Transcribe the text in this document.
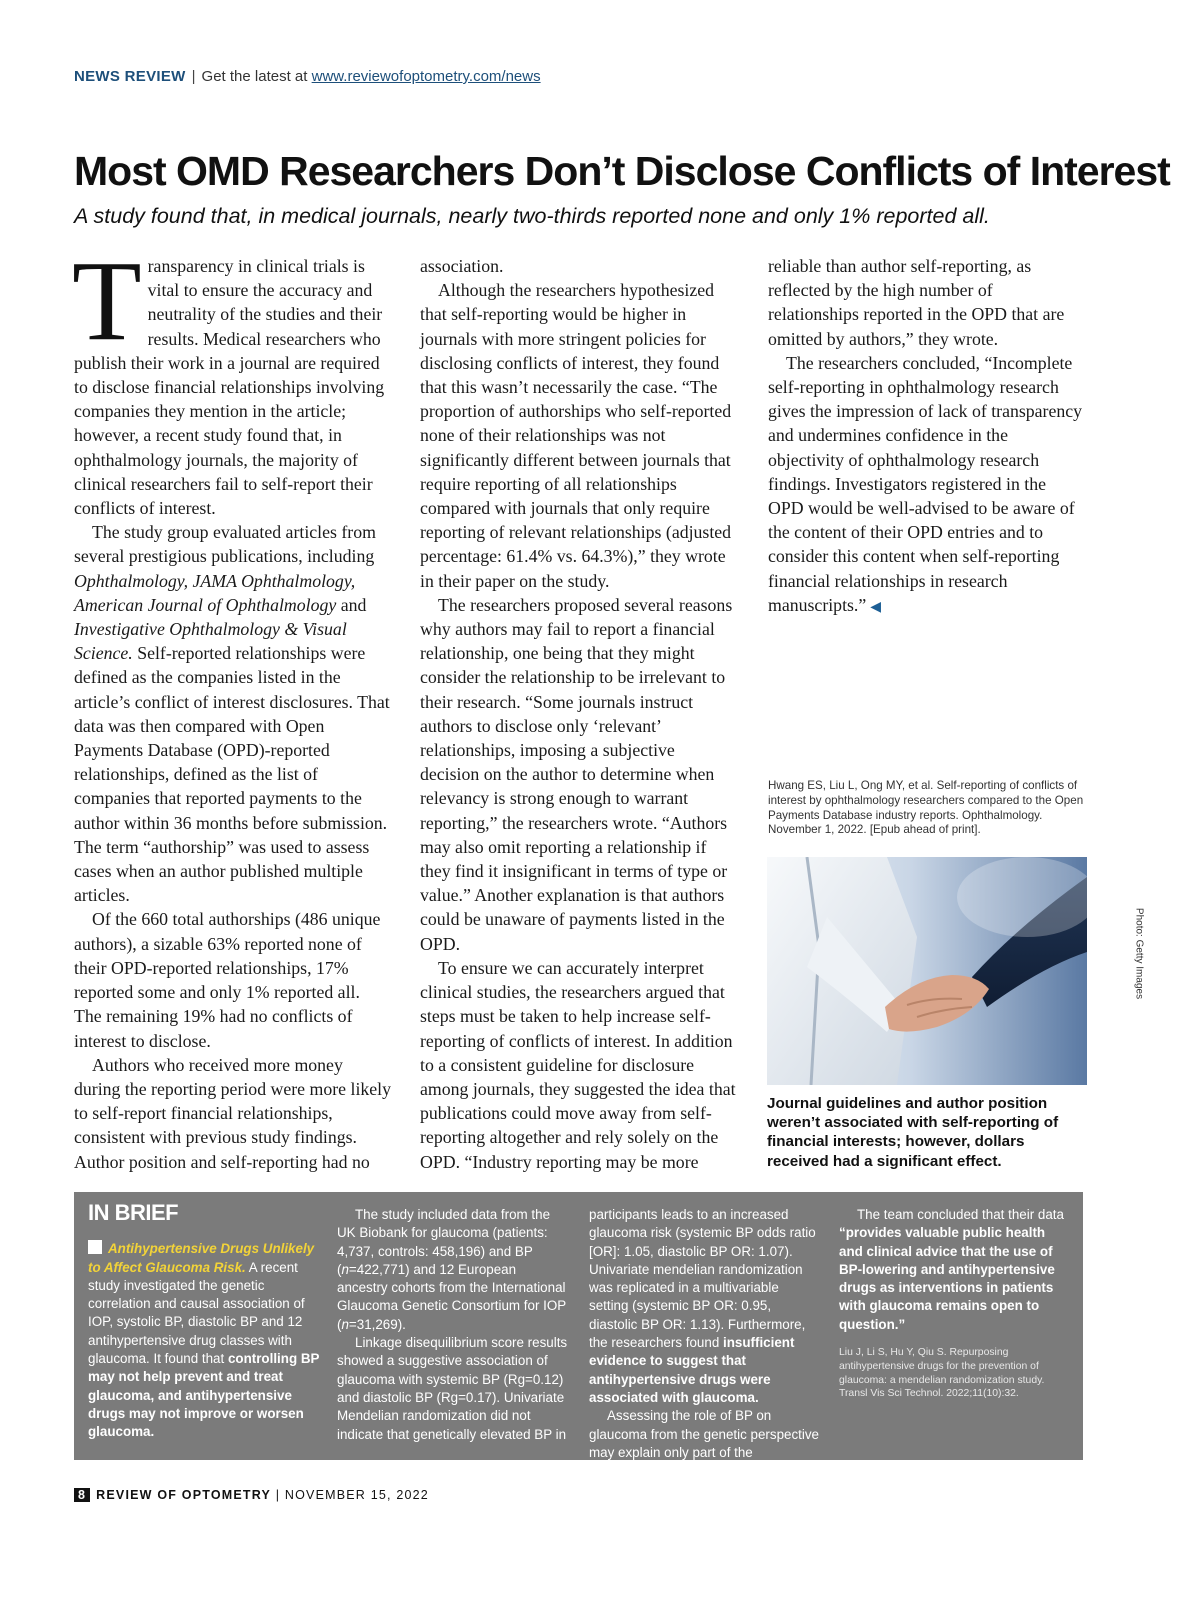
NEWS REVIEW | Get the latest at www.reviewofoptometry.com/news
Most OMD Researchers Don’t Disclose Conflicts of Interest

A study found that, in medical journals, nearly two-thirds reported none and only 1% reported all.

Transparency in clinical trials is vital to ensure the accuracy and neutrality of the studies and their results. Medical researchers who publish their work in a journal are required to disclose financial relationships involving companies they mention in the article; however, a recent study found that, in ophthalmology journals, the majority of clinical researchers fail to self-report their conflicts of interest.

The study group evaluated articles from several prestigious publications, including Ophthalmology, JAMA Ophthalmology, American Journal of Ophthalmology and Investigative Ophthalmology & Visual Science. Self-reported relationships were defined as the companies listed in the article’s conflict of interest disclosures. That data was then compared with Open Payments Database (OPD)-reported relationships, defined as the list of companies that reported payments to the author within 36 months before submission. The term “authorship” was used to assess cases when an author published multiple articles.

Of the 660 total authorships (486 unique authors), a sizable 63% reported none of their OPD-reported relationships, 17% reported some and only 1% reported all. The remaining 19% had no conflicts of interest to disclose.

Authors who received more money during the reporting period were more likely to self-report financial relationships, consistent with previous study findings. Author position and self-reporting had no

association.

Although the researchers hypothesized that self-reporting would be higher in journals with more stringent policies for disclosing conflicts of interest, they found that this wasn’t necessarily the case. “The proportion of authorships who self-reported none of their relationships was not significantly different between journals that require reporting of all relationships compared with journals that only require reporting of relevant relationships (adjusted percentage: 61.4% vs. 64.3%),” they wrote in their paper on the study.

The researchers proposed several reasons why authors may fail to report a financial relationship, one being that they might consider the relationship to be irrelevant to their research. “Some journals instruct authors to disclose only ‘relevant’ relationships, imposing a subjective decision on the author to determine when relevancy is strong enough to warrant reporting,” the researchers wrote. “Authors may also omit reporting a relationship if they find it insignificant in terms of type or value.” Another explanation is that authors could be unaware of payments listed in the OPD.

To ensure we can accurately interpret clinical studies, the researchers argued that steps must be taken to help increase self-reporting of conflicts of interest. In addition to a consistent guideline for disclosure among journals, they suggested the idea that publications could move away from self-reporting altogether and rely solely on the OPD. “Industry reporting may be more

reliable than author self-reporting, as reflected by the high number of relationships reported in the OPD that are omitted by authors,” they wrote.

The researchers concluded, “Incomplete self-reporting in ophthalmology research gives the impression of lack of transparency and undermines confidence in the objectivity of ophthalmology research findings. Investigators registered in the OPD would be well-advised to be aware of the content of their OPD entries and to consider this content when self-reporting financial relationships in research manuscripts.” ◀

Hwang ES, Liu L, Ong MY, et al. Self-reporting of conflicts of interest by ophthalmology researchers compared to the Open Payments Database industry reports. Ophthalmology. November 1, 2022. [Epub ahead of print].

Photo: Getty Images

Journal guidelines and author position weren’t associated with self-reporting of financial interests; however, dollars received had a significant effect.

IN BRIEF

Antihypertensive Drugs Unlikely to Affect Glaucoma Risk. A recent study investigated the genetic correlation and causal association of IOP, systolic BP, diastolic BP and 12 antihypertensive drug classes with glaucoma. It found that controlling BP may not help prevent and treat glaucoma, and antihypertensive drugs may not improve or worsen glaucoma.

The study included data from the UK Biobank for glaucoma (patients: 4,737, controls: 458,196) and BP (n=422,771) and 12 European ancestry cohorts from the International Glaucoma Genetic Consortium for IOP (n=31,269).

Linkage disequilibrium score results showed a suggestive association of glaucoma with systemic BP (Rg=0.12) and diastolic BP (Rg=0.17). Univariate Mendelian randomization did not indicate that genetically elevated BP in

participants leads to an increased glaucoma risk (systemic BP odds ratio [OR]: 1.05, diastolic BP OR: 1.07). Univariate mendelian randomization was replicated in a multivariable setting (systemic BP OR: 0.95, diastolic BP OR: 1.13). Furthermore, the researchers found insufficient evidence to suggest that antihypertensive drugs were associated with glaucoma.

Assessing the role of BP on glaucoma from the genetic perspective may explain only part of the association.

The team concluded that their data “provides valuable public health and clinical advice that the use of BP-lowering and antihypertensive drugs as interventions in patients with glaucoma remains open to question.”

Liu J, Li S, Hu Y, Qiu S. Repurposing antihypertensive drugs for the prevention of glaucoma: a mendelian randomization study. Transl Vis Sci Technol. 2022;11(10):32.

8 REVIEW OF OPTOMETRY | NOVEMBER 15, 2022
